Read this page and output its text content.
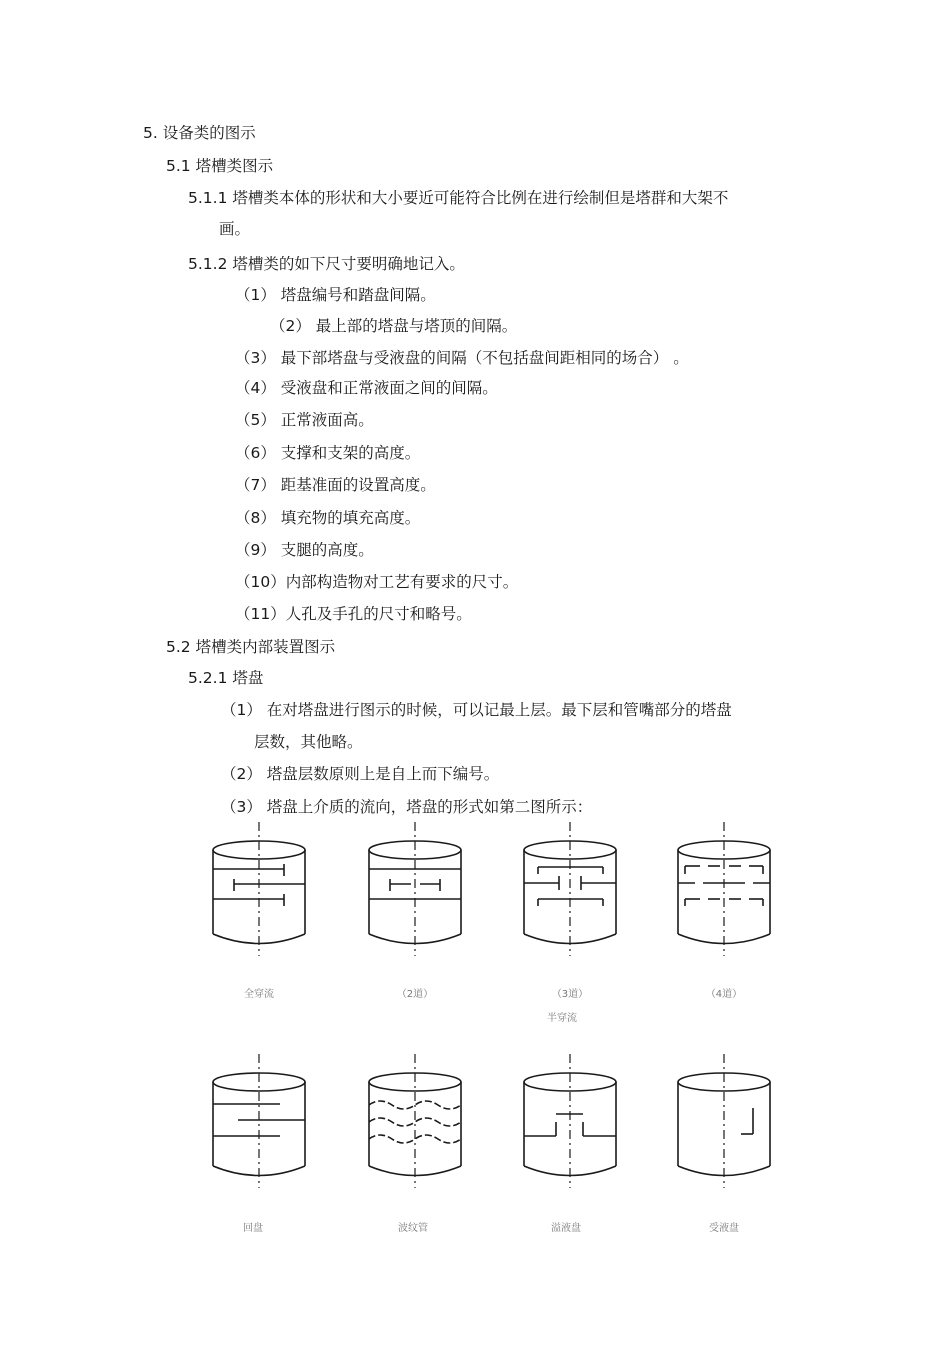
5. 设备类的图示
5.1 塔槽类图示
5.1.1 塔槽类本体的形状和大小要近可能符合比例在进行绘制但是塔群和大架不
画。
5.1.2 塔槽类的如下尺寸要明确地记入。
（1） 塔盘编号和踏盘间隔。
（2） 最上部的塔盘与塔顶的间隔。
（3） 最下部塔盘与受液盘的间隔（不包括盘间距相同的场合） 。
（4） 受液盘和正常液面之间的间隔。
（5） 正常液面高。
（6） 支撑和支架的高度。
（7） 距基准面的设置高度。
（8） 填充物的填充高度。
（9） 支腿的高度。
（10）内部构造物对工艺有要求的尺寸。
（11）人孔及手孔的尺寸和略号。
5.2 塔槽类内部装置图示
5.2.1 塔盘
（1） 在对塔盘进行图示的时候，可以记最上层。最下层和管嘴部分的塔盘
层数，其他略。
（2） 塔盘层数原则上是自上而下编号。
（3） 塔盘上介质的流向，塔盘的形式如第二图所示：
全穿流	（2道）	（3道）	（4道）
半穿流
回盘	波纹管	溢液盘	受液盘
